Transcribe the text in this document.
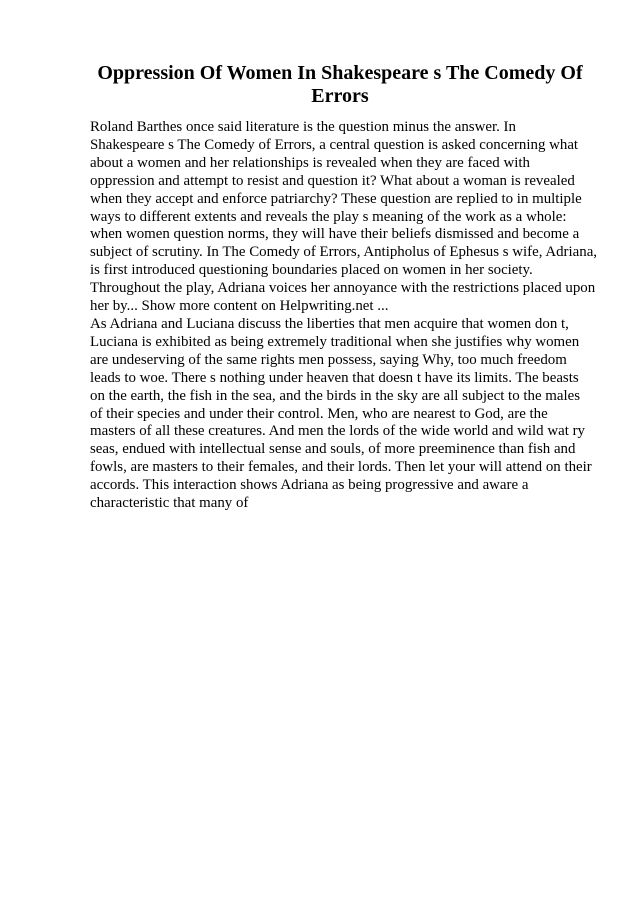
Oppression Of Women In Shakespeare s The Comedy Of Errors
Roland Barthes once said literature is the question minus the answer. In
Shakespeare s The Comedy of Errors, a central question is asked concerning what
about a women and her relationships is revealed when they are faced with
oppression and attempt to resist and question it? What about a woman is revealed
when they accept and enforce patriarchy? These question are replied to in multiple
ways to different extents and reveals the play s meaning of the work as a whole:
when women question norms, they will have their beliefs dismissed and become a
subject of scrutiny. In The Comedy of Errors, Antipholus of Ephesus s wife, Adriana,
is first introduced questioning boundaries placed on women in her society.
Throughout the play, Adriana voices her annoyance with the restrictions placed upon
her by... Show more content on Helpwriting.net ...
As Adriana and Luciana discuss the liberties that men acquire that women don t,
Luciana is exhibited as being extremely traditional when she justifies why women
are undeserving of the same rights men possess, saying Why, too much freedom
leads to woe. There s nothing under heaven that doesn t have its limits. The beasts
on the earth, the fish in the sea, and the birds in the sky are all subject to the males
of their species and under their control. Men, who are nearest to God, are the
masters of all these creatures. And men the lords of the wide world and wild wat ry
seas, endued with intellectual sense and souls, of more preeminence than fish and
fowls, are masters to their females, and their lords. Then let your will attend on their
accords. This interaction shows Adriana as being progressive and aware a
characteristic that many of
